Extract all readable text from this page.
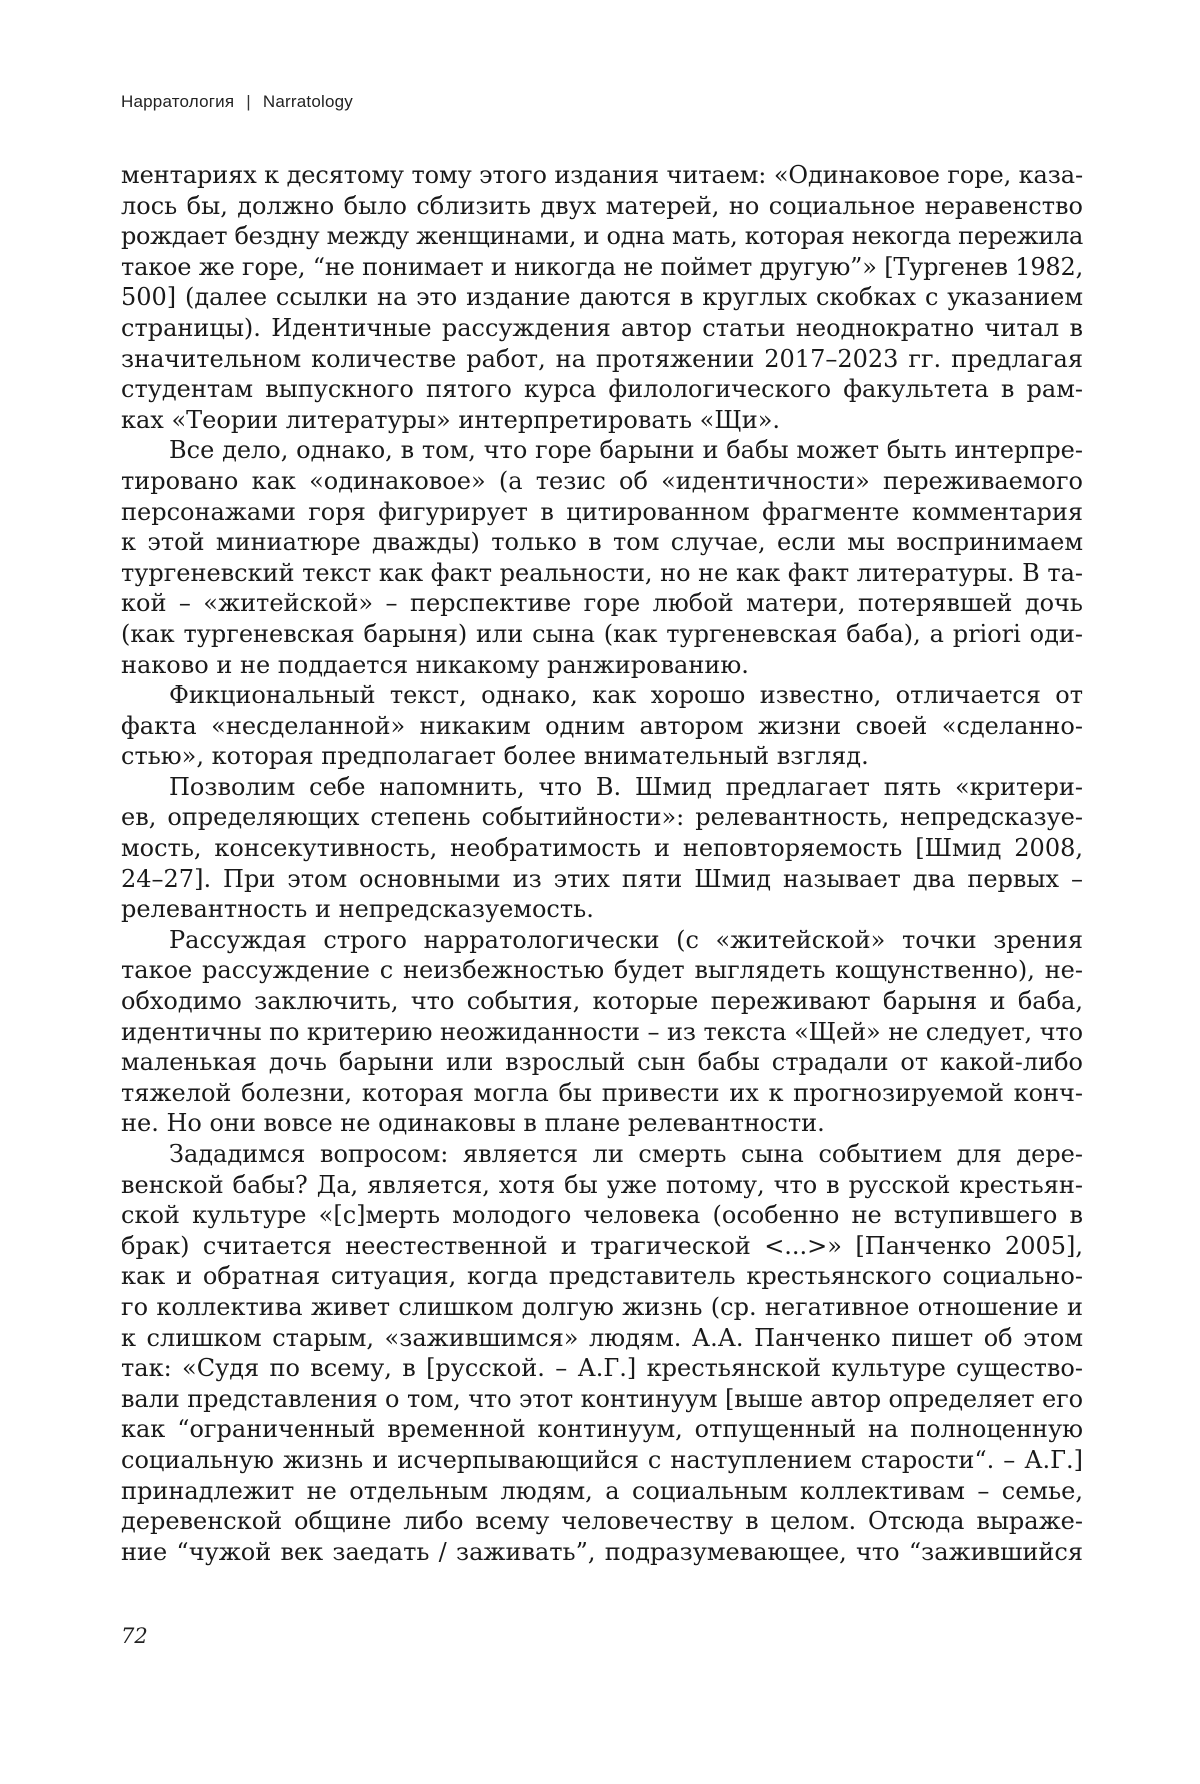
Нарратология | Narratology
ментариях к десятому тому этого издания читаем: «Одинаковое горе, каза-
лось бы, должно было сблизить двух матерей, но социальное неравенство
рождает бездну между женщинами, и одна мать, которая некогда пережила
такое же горе, “не понимает и никогда не поймет другую”» [Тургенев 1982,
500] (далее ссылки на это издание даются в круглых скобках с указанием
страницы). Идентичные рассуждения автор статьи неоднократно читал в
значительном количестве работ, на протяжении 2017–2023 гг. предлагая
студентам выпускного пятого курса филологического факультета в рам-
ках «Теории литературы» интерпретировать «Щи».
Все дело, однако, в том, что горе барыни и бабы может быть интерпре-
тировано как «одинаковое» (а тезис об «идентичности» переживаемого
персонажами горя фигурирует в цитированном фрагменте комментария
к этой миниатюре дважды) только в том случае, если мы воспринимаем
тургеневский текст как факт реальности, но не как факт литературы. В та-
кой – «житейской» – перспективе горе любой матери, потерявшей дочь
(как тургеневская барыня) или сына (как тургеневская баба), a priori оди-
наково и не поддается никакому ранжированию.
Фикциональный текст, однако, как хорошо известно, отличается от
факта «несделанной» никаким одним автором жизни своей «сделанно-
стью», которая предполагает более внимательный взгляд.
Позволим себе напомнить, что В. Шмид предлагает пять «критери-
ев, определяющих степень событийности»: релевантность, непредсказуе-
мость, консекутивность, необратимость и неповторяемость [Шмид 2008,
24–27]. При этом основными из этих пяти Шмид называет два первых –
релевантность и непредсказуемость.
Рассуждая строго нарратологически (с «житейской» точки зрения
такое рассуждение с неизбежностью будет выглядеть кощунственно), не-
обходимо заключить, что события, которые переживают барыня и баба,
идентичны по критерию неожиданности – из текста «Щей» не следует, что
маленькая дочь барыни или взрослый сын бабы страдали от какой-либо
тяжелой болезни, которая могла бы привести их к прогнозируемой конч-
не. Но они вовсе не одинаковы в плане релевантности.
Зададимся вопросом: является ли смерть сына событием для дере-
венской бабы? Да, является, хотя бы уже потому, что в русской крестьян-
ской культуре «[с]мерть молодого человека (особенно не вступившего в
брак) считается неестественной и трагической <...>» [Панченко 2005],
как и обратная ситуация, когда представитель крестьянского социально-
го коллектива живет слишком долгую жизнь (ср. негативное отношение и
к слишком старым, «зажившимся» людям. А.А. Панченко пишет об этом
так: «Судя по всему, в [русской. – А.Г.] крестьянской культуре существо-
вали представления о том, что этот континуум [выше автор определяет его
как “ограниченный временной континуум, отпущенный на полноценную
социальную жизнь и исчерпывающийся с наступлением старости“. – А.Г.]
принадлежит не отдельным людям, а социальным коллективам – семье,
деревенской общине либо всему человечеству в целом. Отсюда выраже-
ние “чужой век заедать / заживать”, подразумевающее, что “зажившийся
72
